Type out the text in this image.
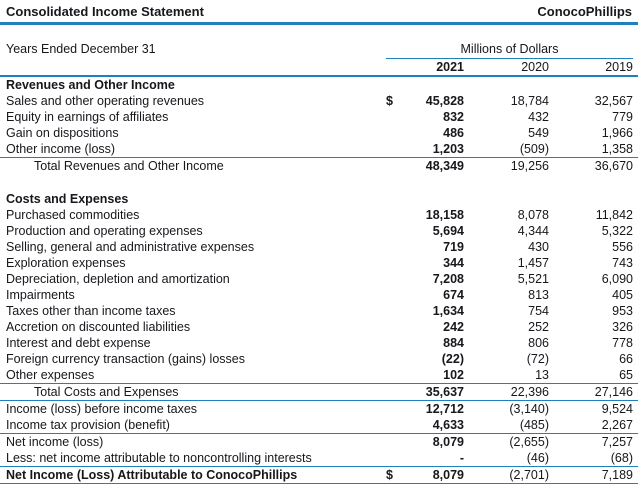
Consolidated Income Statement	ConocoPhillips
Years Ended December 31	Millions of Dollars
2021	2020	2019
Revenues and Other Income
Sales and other operating revenues	$	45,828	18,784	32,567
Equity in earnings of affiliates	832	432	779
Gain on dispositions	486	549	1,966
Other income (loss)	1,203	(509)	1,358
Total Revenues and Other Income	48,349	19,256	36,670
Costs and Expenses
Purchased commodities	18,158	8,078	11,842
Production and operating expenses	5,694	4,344	5,322
Selling, general and administrative expenses	719	430	556
Exploration expenses	344	1,457	743
Depreciation, depletion and amortization	7,208	5,521	6,090
Impairments	674	813	405
Taxes other than income taxes	1,634	754	953
Accretion on discounted liabilities	242	252	326
Interest and debt expense	884	806	778
Foreign currency transaction (gains) losses	(22)	(72)	66
Other expenses	102	13	65
Total Costs and Expenses	35,637	22,396	27,146
Income (loss) before income taxes	12,712	(3,140)	9,524
Income tax provision (benefit)	4,633	(485)	2,267
Net income (loss)	8,079	(2,655)	7,257
Less: net income attributable to noncontrolling interests	-	(46)	(68)
Net Income (Loss) Attributable to ConocoPhillips	$	8,079	(2,701)	7,189
